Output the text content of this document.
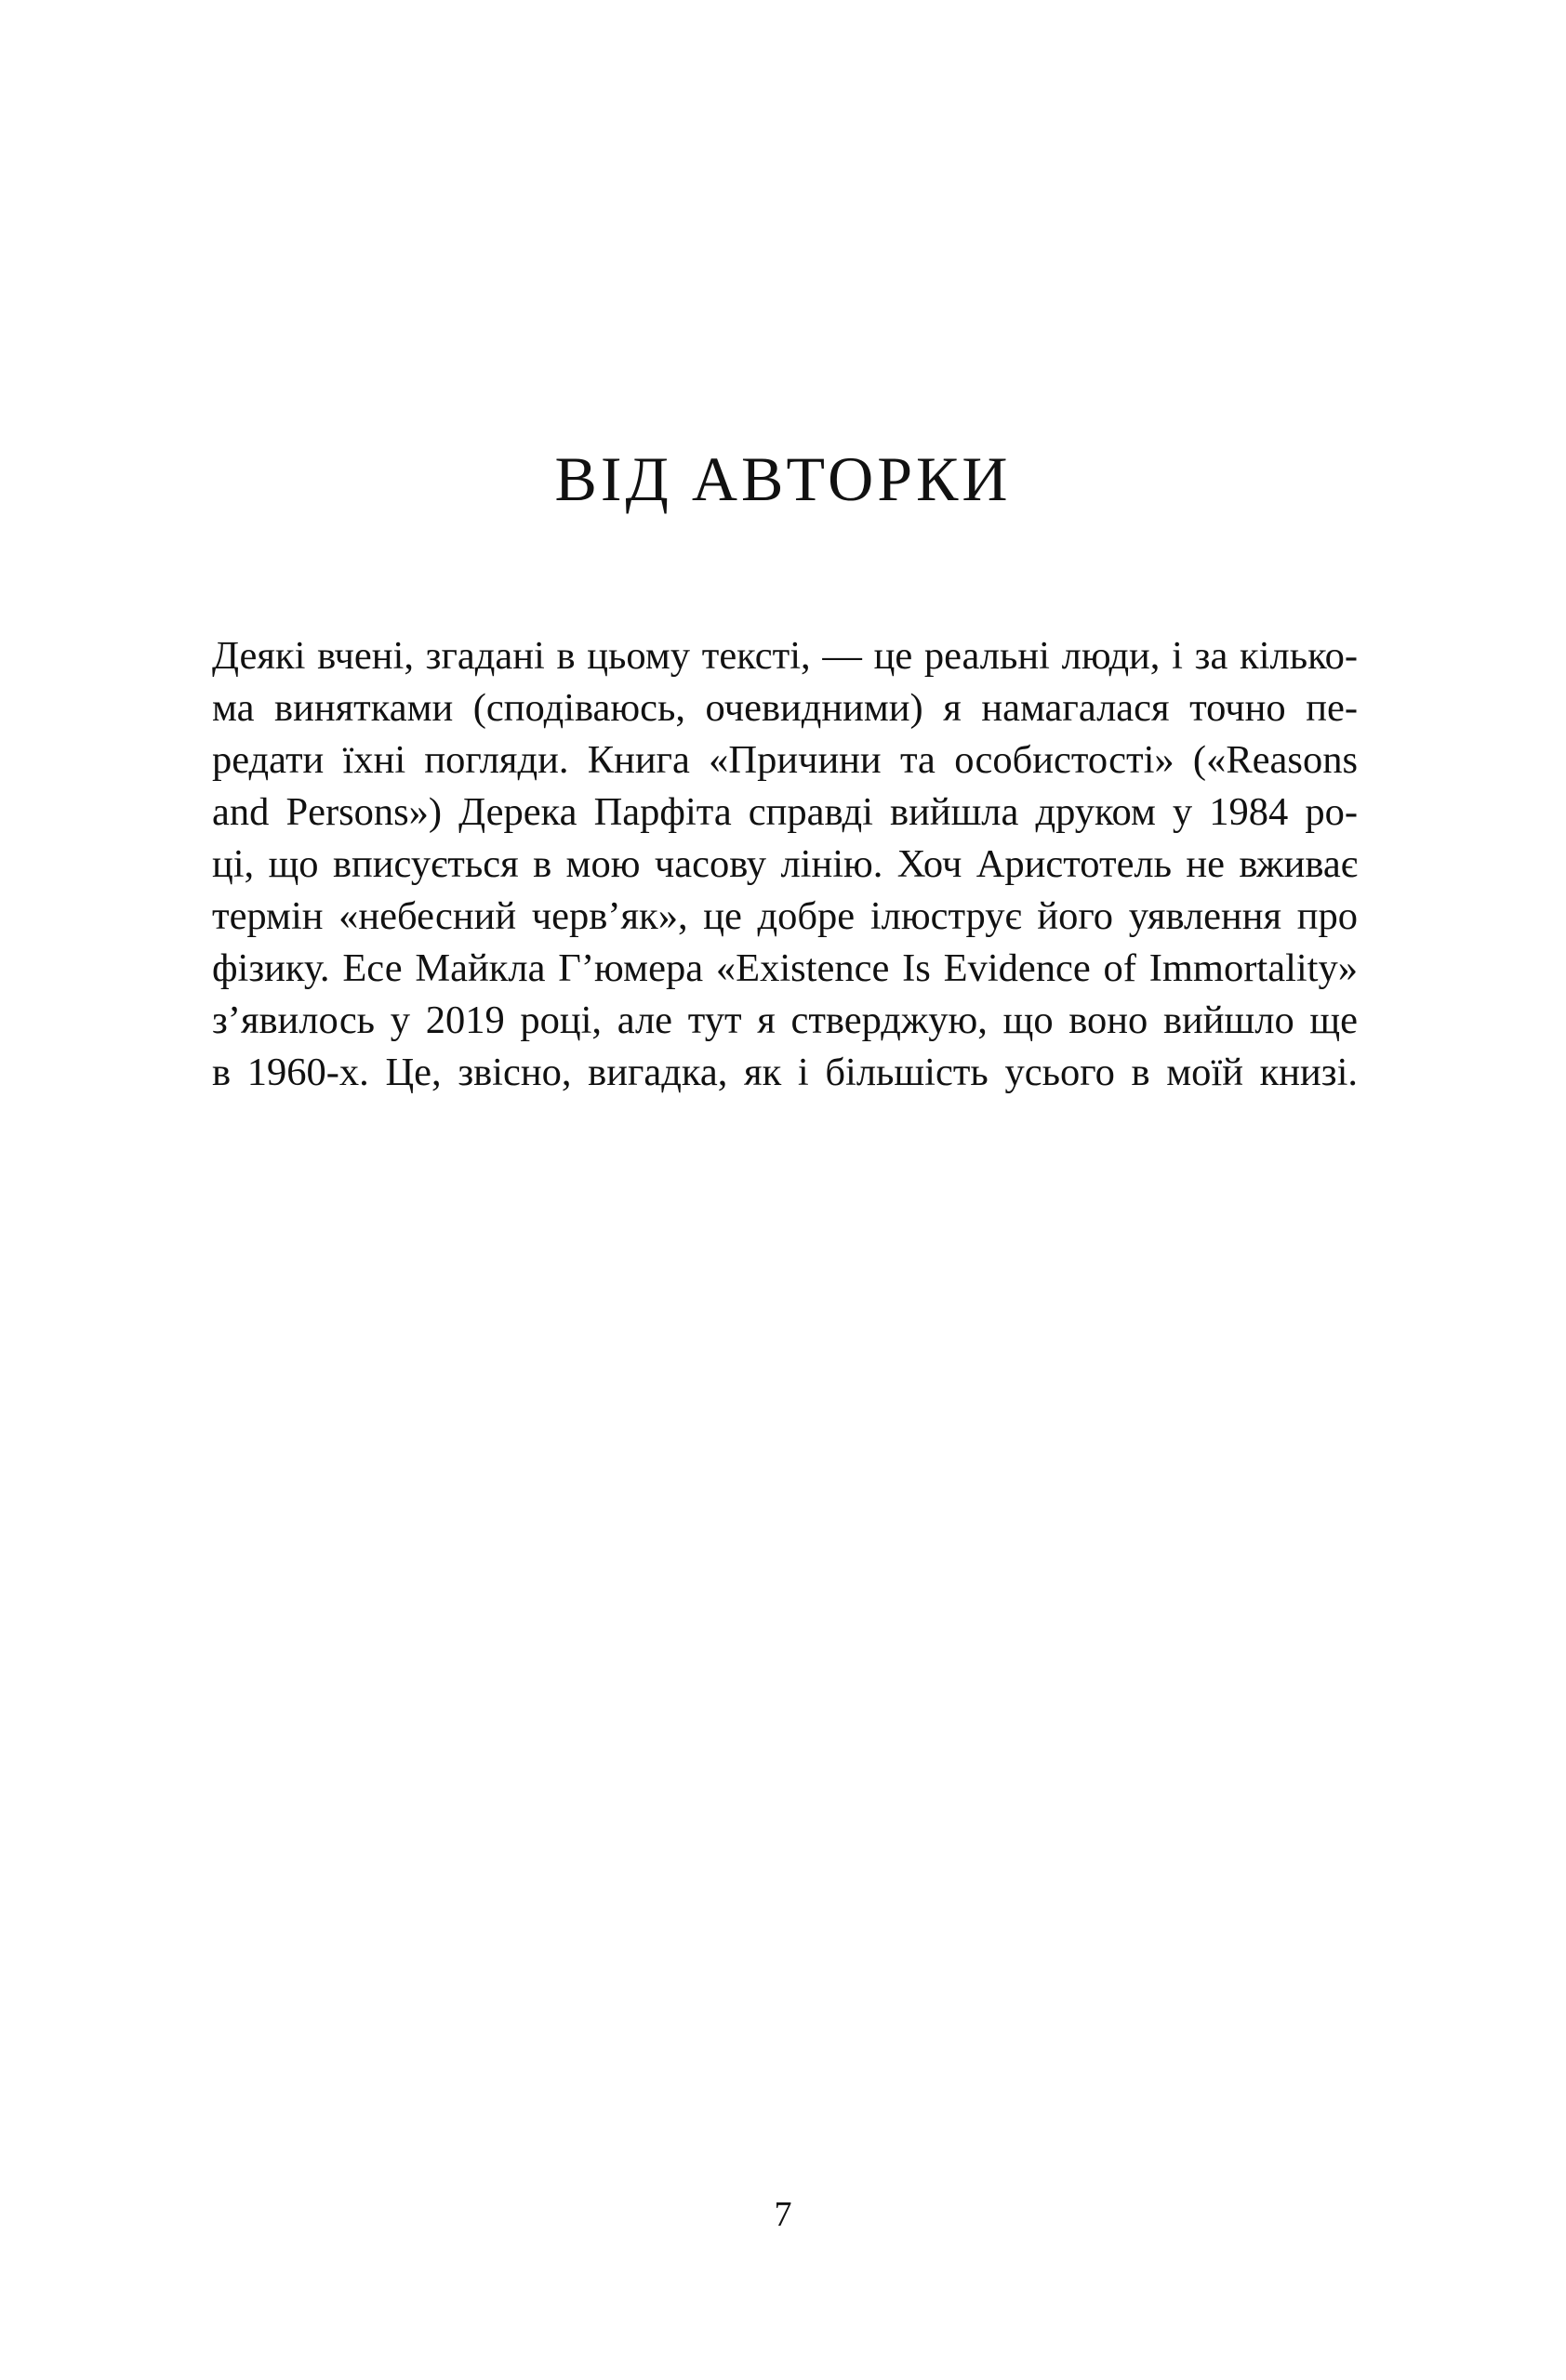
ВІД АВТОРКИ
Деякі вчені, згадані в цьому тексті, — це реальні люди, і за кілько-
ма винятками (сподіваюсь, очевидними) я намагалася точно пе-
редати їхні погляди. Книга «Причини та особистості» («Reasons
and Persons») Дерека Парфіта справді вийшла друком у 1984 ро-
ці, що вписується в мою часову лінію. Хоч Аристотель не вживає
термін «небесний черв’як», це добре ілюструє його уявлення про
фізику. Есе Майкла Г’юмера «Existence Is Evidence of Immortality»
з’явилось у 2019 році, але тут я стверджую, що воно вийшло ще
в 1960-х. Це, звісно, вигадка, як і більшість усього в моїй книзі.
7
